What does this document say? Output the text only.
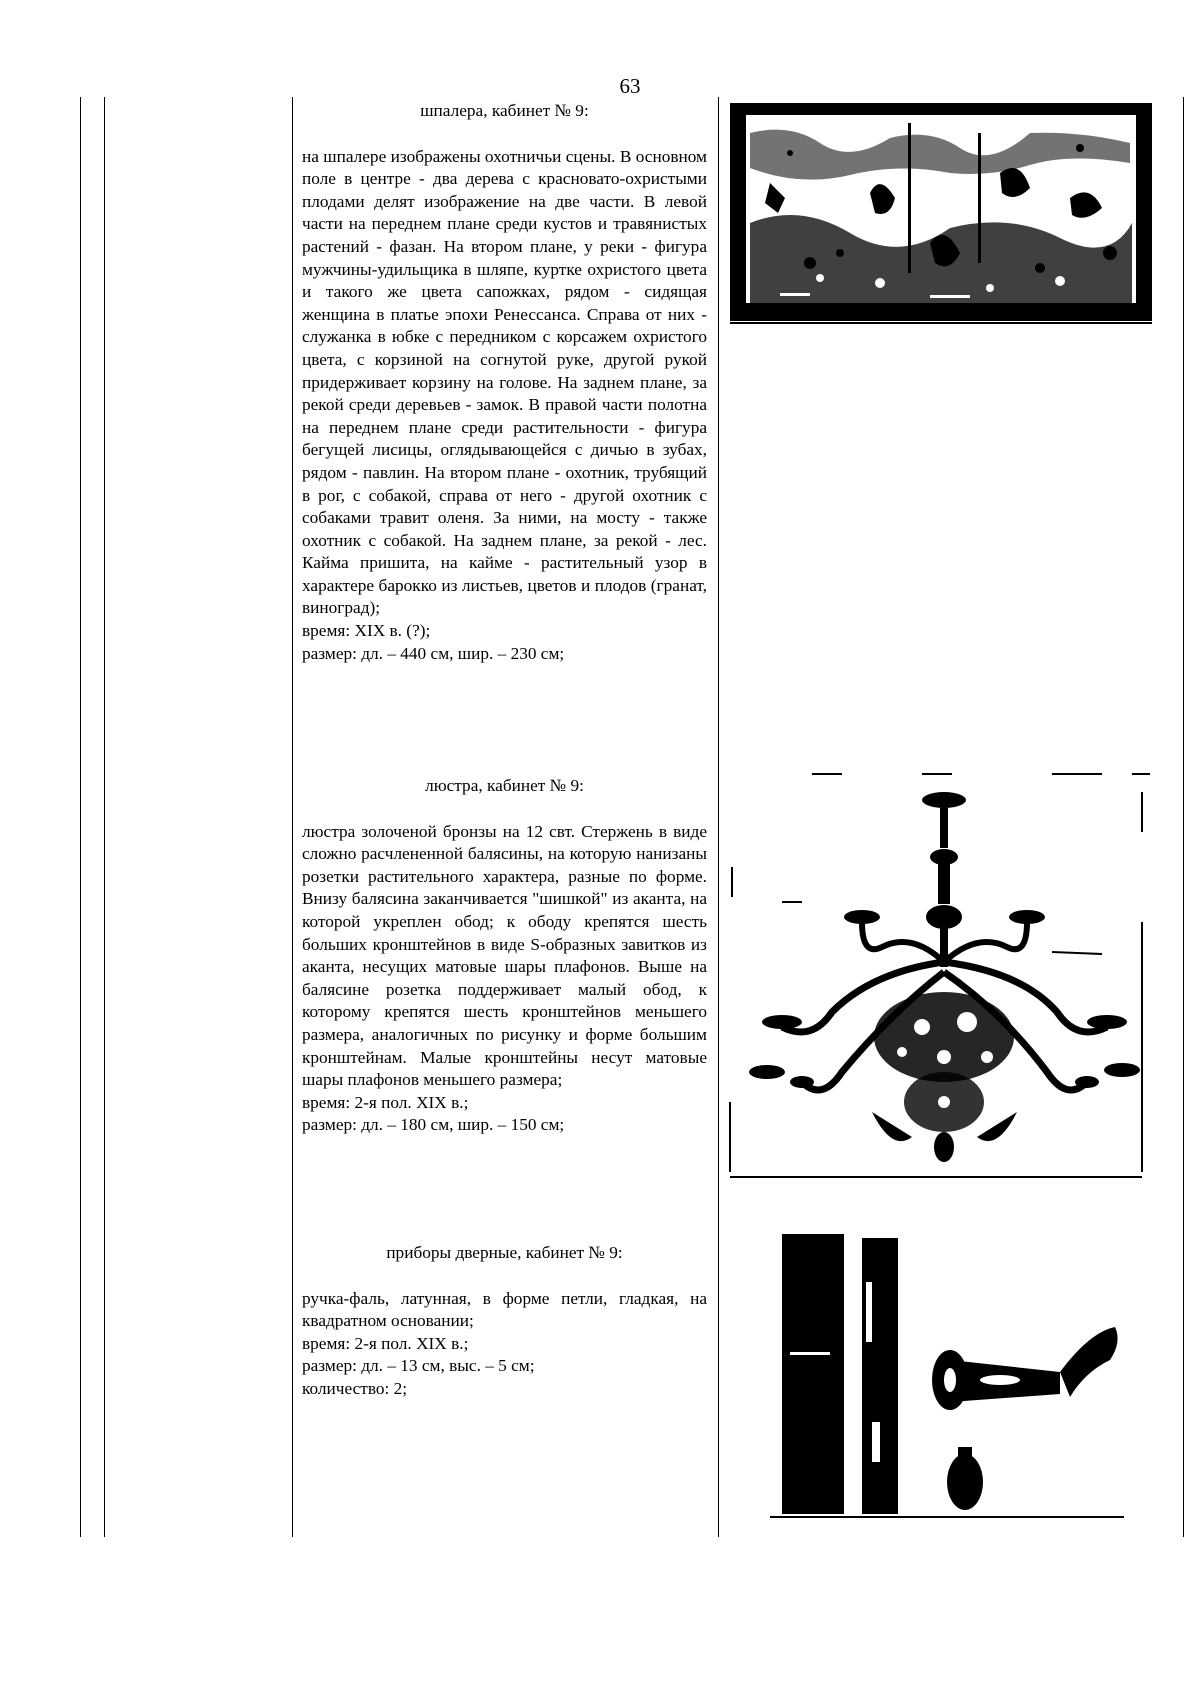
63
шпалера, кабинет № 9:

на шпалере изображены охотничьи сцены. В основном поле в центре - два дерева с красновато-охристыми плодами делят изображение на две части. В левой части на переднем плане среди кустов и травянистых растений - фазан. На втором плане, у реки - фигура мужчины-удильщика в шляпе, куртке охристого цвета и такого же цвета сапожках, рядом - сидящая женщина в платье эпохи Ренессанса. Справа от них - служанка в юбке с передником с корсажем охристого цвета, с корзиной на согнутой руке, другой рукой придерживает корзину на голове. На заднем плане, за рекой среди деревьев - замок. В правой части полотна на переднем плане среди растительности - фигура бегущей лисицы, оглядывающейся с дичью в зубах, рядом - павлин. На втором плане - охотник, трубящий в рог, с собакой, справа от него - другой охотник с собаками травит оленя. За ними, на мосту - также охотник с собакой. На заднем плане, за рекой - лес. Кайма пришита, на кайме - растительный узор в характере барокко из листьев, цветов и плодов (гранат, виноград);

время: XIX в. (?);

размер: дл. – 440 см, шир. – 230 см;

люстра, кабинет № 9:

люстра золоченой бронзы на 12 свт. Стержень в виде сложно расчлененной балясины, на которую нанизаны розетки растительного характера, разные по форме. Внизу балясина заканчивается "шишкой" из аканта, на которой укреплен обод; к ободу крепятся шесть больших кронштейнов в виде S-образных завитков из аканта, несущих матовые шары плафонов. Выше на балясине розетка поддерживает малый обод, к которому крепятся шесть кронштейнов меньшего размера, аналогичных по рисунку и форме большим кронштейнам. Малые кронштейны несут матовые шары плафонов меньшего размера;

время: 2-я пол. XIX в.;

размер: дл. – 180 см, шир. – 150 см;

приборы дверные, кабинет № 9:

ручка-фаль, латунная, в форме петли, гладкая, на квадратном основании;

время: 2-я пол. XIX в.;

размер: дл. – 13 см, выс. – 5 см;

количество: 2;
